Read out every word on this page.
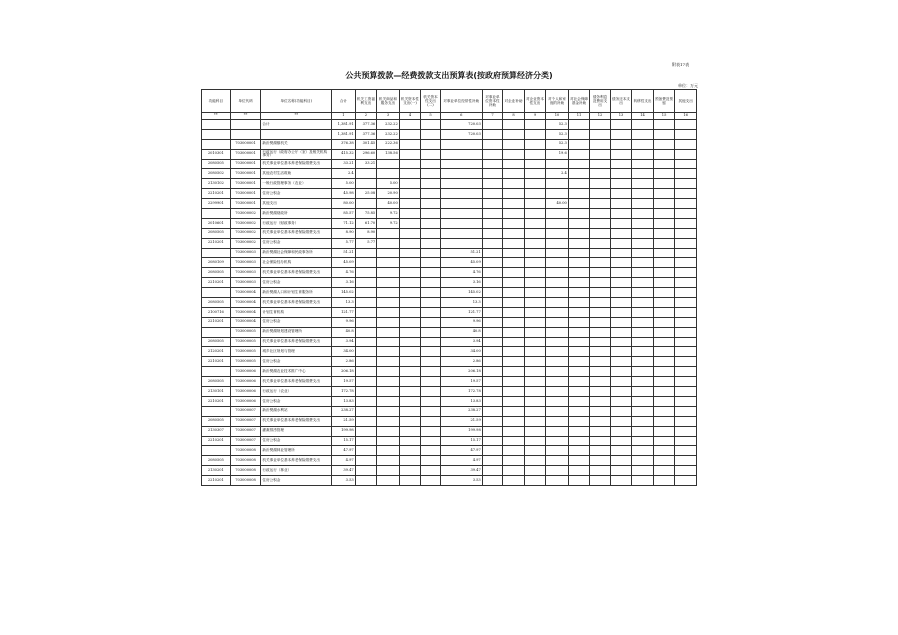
附表17表
公共预算拨款—经费拨款支出预算表(按政府预算经济分类)
单位：万元
功能科目	单位代码	单位名称(功能科目)	合计	机关工资福利支出	机关商品和服务支出	机关资本性支出(一)	机关资本性支出(二)	对事业单位经常性补助	对事业单位资本性补助	对企业补助	对企业资本性支出	对个人和家庭的补助	对社会保障基金补助	债务利息及费用支出	债务还本支出	转移性支出	预备费及预留	其他支出
**	**	**	1	2	3	4	5	6	7	8	9	10	11	12	13	14	15	16
		合计	1,381.91	377.36	232.22			720.03				52.3						
			1,381.91	377.36	232.22			720.03				52.3						
	703000001	新沂樊湖镇机关	376.38	301.45	222.36							52.3						
2010301	703000001	行政运行（政府办公厅（室）及相关机构事务）	415.32	296.60	138.56							19.6						
2080505	703000001	机关事业单位基本养老保险缴费支出	33.21	33.21														
2080502	703000001	其他农村生活救助	2.4									2.4						
2130102	703000001	一般行政管理事务（农业）	5.00		5.00													
2210201	703000001	住房公积金	45.98	25.08	20.90													
2299901	703000001	其他支出	80.00		40.00							40.00						
	703000002	新沂樊湖财政所	85.57	75.85	9.72													
2010601	703000002	行政运行（财政事务）	71.12	61.70	9.72													
2080505	703000002	机关事业单位基本养老保险缴费支出	8.90	8.90														
2210201	703000002	住房公积金	5.77	5.77														
	703000003	新沂樊湖社会保障和民政事务所	51.21					51.21										
2080109	703000003	社会保险经办机构	45.09					45.09										
2080505	703000003	机关事业单位基本养老保险缴费支出	4.76					4.76										
2210201	703000003	住房公积金	3.16					3.16										
	703000004	新沂樊湖人口和计划生育服务所	145.02					145.02										
2080505	703000004	机关事业单位基本养老保险缴费支出	13.3					13.3										
2100716	703000004	计划生育机构	121.77					121.77										
2210201	703000004	住房公积金	9.96					9.96										
	703000005	新沂樊湖规划建设管理所	40.8					40.8										
2080505	703000005	机关事业单位基本养老保险缴费支出	3.94					3.94										
2120201	703000005	城乡社区规划与管理	34.00					34.00										
2210201	703000005	住房公积金	2.86					2.86										
	703000006	新沂樊湖农业技术推广中心	206.18					206.18										
2080505	703000006	机关事业单位基本养老保险缴费支出	19.57					19.57										
2130101	703000006	行政运行（农业）	172.78					172.78										
2210201	703000006	住房公积金	13.83					13.83										
	703000007	新沂樊湖水利站	238.27					238.27										
2080505	703000007	机关事业单位基本养老保险缴费支出	21.59					21.59										
2130307	703000007	灌溉排涝管理	199.98					199.98										
2210201	703000007	住房公积金	15.17					15.17										
	703000008	新沂樊湖林业管理所	47.97					47.97										
2080505	703000008	机关事业单位基本养老保险缴费支出	4.97					4.97										
2130201	703000008	行政运行（林业）	39.47					39.47										
2210201	703000008	住房公积金	3.53					3.53										
